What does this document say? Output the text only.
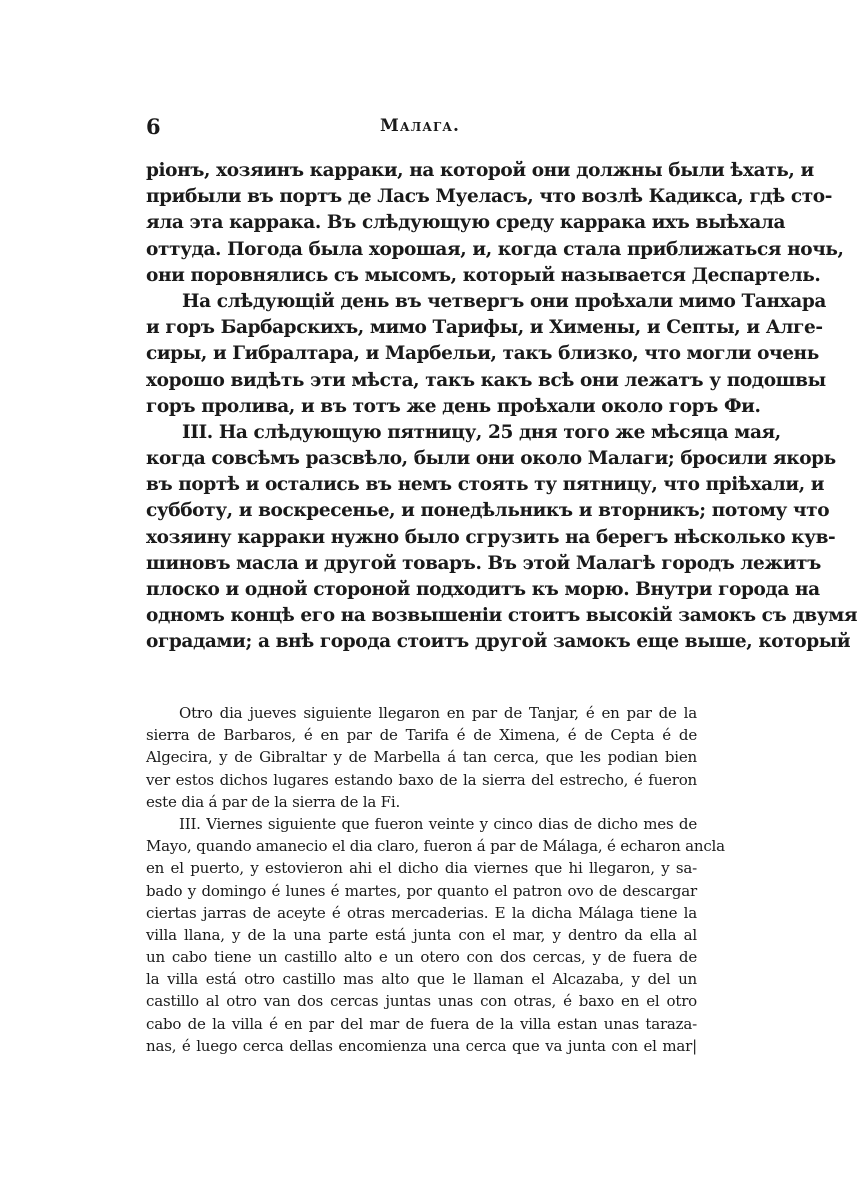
6	Малага.
ріонъ, хозяинъ карраки, на которой они должны были ѣхать, и
прибыли въ портъ де Ласъ Муеласъ, что возлѣ Кадикса, гдѣ сто-
яла эта каррака. Въ слѣдующую среду каррака ихъ выѣхала
оттуда. Погода была хорошая, и, когда стала приближаться ночь,
они поровнялись съ мысомъ, который называется Деспартель.
На слѣдующій день въ четвергъ они проѣхали мимо Танхара
и горъ Барбарскихъ, мимо Тарифы, и Химены, и Септы, и Алге-
сиры, и Гибралтара, и Марбельи, такъ близко, что могли очень
хорошо видѣть эти мѣста, такъ какъ всѣ они лежатъ у подошвы
горъ пролива, и въ тотъ же день проѣхали около горъ Фи.
III. На слѣдующую пятницу, 25 дня того же мѣсяца мая,
когда совсѣмъ разсвѣло, были они около Малаги; бросили якорь
въ портѣ и остались въ немъ стоять ту пятницу, что пріѣхали, и
субботу, и воскресенье, и понедѣльникъ и вторникъ; потому что
хозяину карраки нужно было сгрузить на берегъ нѣсколько кув-
шиновъ масла и другой товаръ. Въ этой Малагѣ городъ лежитъ
плоско и одной стороной подходитъ къ морю. Внутри города на
одномъ концѣ его на возвышеніи стоитъ высокій замокъ съ двумя
оградами; а внѣ города стоитъ другой замокъ еще выше, который
Otro dia jueves siguiente llegaron en par de Tanjar, é en par de la
sierra de Barbaros, é en par de Tarifa é de Ximena, é de Cepta é de
Algecira, y de Gibraltar y de Marbella á tan cerca, que les podian bien
ver estos dichos lugares estando baxo de la sierra del estrecho, é fueron
este dia á par de la sierra de la Fi.
III. Viernes siguiente que fueron veinte y cinco dias de dicho mes de
Mayo, quando amanecio el dia claro, fueron á par de Málaga, é echaron ancla
en el puerto, y estovieron ahi el dicho dia viernes que hi llegaron, y sa-
bado y domingo é lunes é martes, por quanto el patron ovo de descargar
ciertas jarras de aceyte é otras mercaderias. E la dicha Málaga tiene la
villa llana, y de la una parte está junta con el mar, y dentro da ella al
un cabo tiene un castillo alto e un otero con dos cercas, y de fuera de
la villa está otro castillo mas alto que le llaman el Alcazaba, y del un
castillo al otro van dos cercas juntas unas con otras, é baxo en el otro
cabo de la villa é en par del mar de fuera de la villa estan unas taraza-
nas, é luego cerca dellas encomienza una cerca que va junta con el mar|
